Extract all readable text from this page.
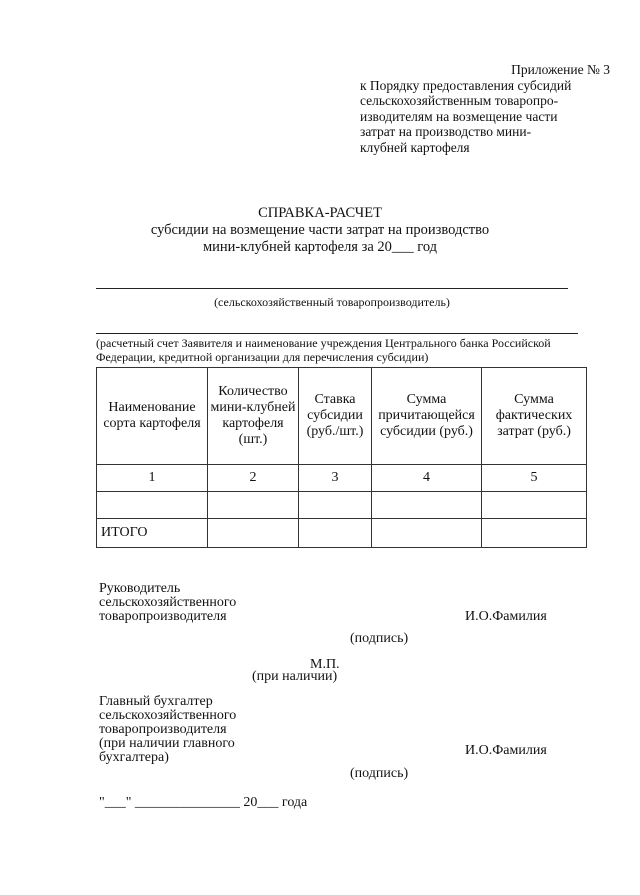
Приложение № 3
к Порядку предоставления субсидий
сельскохозяйственным товаропро-
изводителям на возмещение части
затрат на производство мини-
клубней картофеля
СПРАВКА-РАСЧЕТ
субсидии на возмещение части затрат на производство
мини-клубней картофеля за 20___ год
(сельскохозяйственный товаропроизводитель)
(расчетный счет Заявителя и наименование учреждения Центрального банка Российской
Федерации, кредитной организации для перечисления субсидии)
Наименование сорта картофеля	Количество мини-клубней картофеля (шт.)	Ставка субсидии (руб./шт.)	Сумма причитающейся субсидии (руб.)	Сумма фактических затрат (руб.)
1	2	3	4	5

ИТОГО				
Руководитель
сельскохозяйственного
товаропроизводителя	И.О.Фамилия
(подпись)
М.П.
(при наличии)
Главный бухгалтер
сельскохозяйственного
товаропроизводителя
(при наличии главного
бухгалтера)	И.О.Фамилия
(подпись)
"___" _______________ 20___ года
